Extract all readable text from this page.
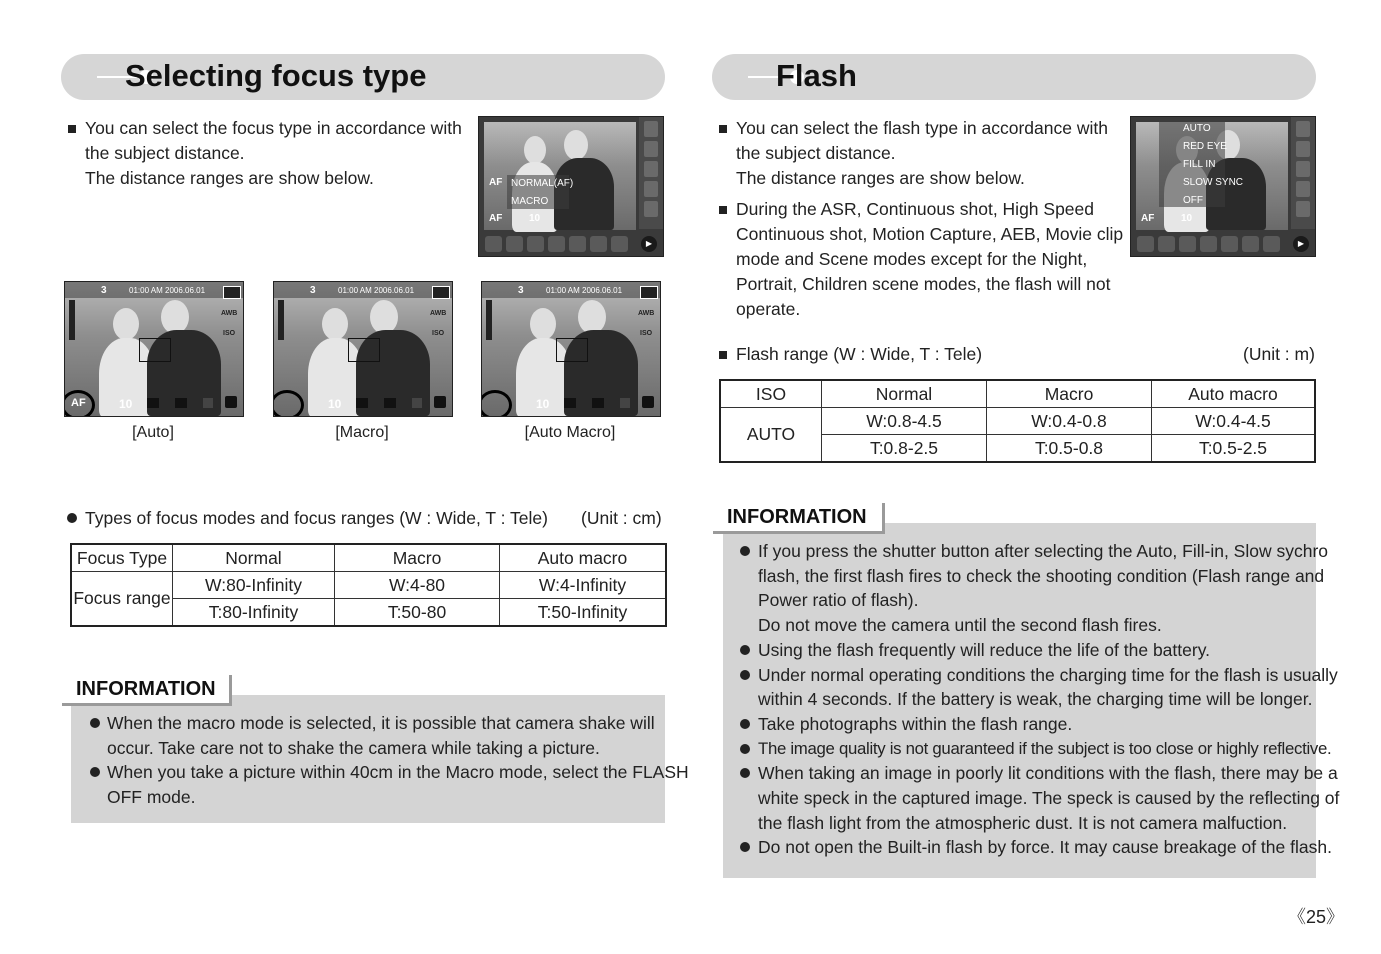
Selecting focus type
You can select the focus type in accordance with
the subject distance.
The distance ranges are show below.	NORMAL(AF)
MACRO
AF
AF	10
▶
3	01:00 AM 2006.06.01
AWB
ISO
10
AF
[Auto]
3	01:00 AM 2006.06.01
AWB
ISO
10
[Macro]
3	01:00 AM 2006.06.01
AWB
ISO
10
[Auto Macro]
Types of focus modes and focus ranges (W : Wide, T : Tele) (Unit : cm)
Focus Type	Normal	Macro	Auto macro
Focus range	W:80-Infinity	W:4-80	W:4-Infinity
	T:80-Infinity	T:50-80	T:50-Infinity
INFORMATION
When the macro mode is selected, it is possible that camera shake will
occur. Take care not to shake the camera while taking a picture.
When you take a picture within 40cm in the Macro mode, select the FLASH
OFF mode.
Flash
You can select the flash type in accordance with
the subject distance.
The distance ranges are show below.
During the ASR, Continuous shot, High Speed
Continuous shot, Motion Capture, AEB, Movie clip
mode and Scene modes except for the Night,
Portrait, Children scene modes, the flash will not
operate.
AUTO
RED EYE
FILL IN
SLOW SYNC
OFF
AF	10
▶
Flash range (W : Wide, T : Tele)	(Unit : m)
ISO	Normal	Macro	Auto macro
AUTO	W:0.8-4.5	W:0.4-0.8	W:0.4-4.5
	T:0.8-2.5	T:0.5-0.8	T:0.5-2.5
INFORMATION
If you press the shutter button after selecting the Auto, Fill-in, Slow sychro
flash, the first flash fires to check the shooting condition (Flash range and
Power ratio of flash).
Do not move the camera until the second flash fires.
Using the flash frequently will reduce the life of the battery.
Under normal operating conditions the charging time for the flash is usually
within 4 seconds. If the battery is weak, the charging time will be longer.
Take photographs within the flash range.
The image quality is not guaranteed if the subject is too close or highly reflective.
When taking an image in poorly lit conditions with the flash, there may be a
white speck in the captured image. The speck is caused by the reflecting of
the flash light from the atmospheric dust. It is not camera malfuction.
Do not open the Built-in flash by force. It may cause breakage of the flash.
《25》
